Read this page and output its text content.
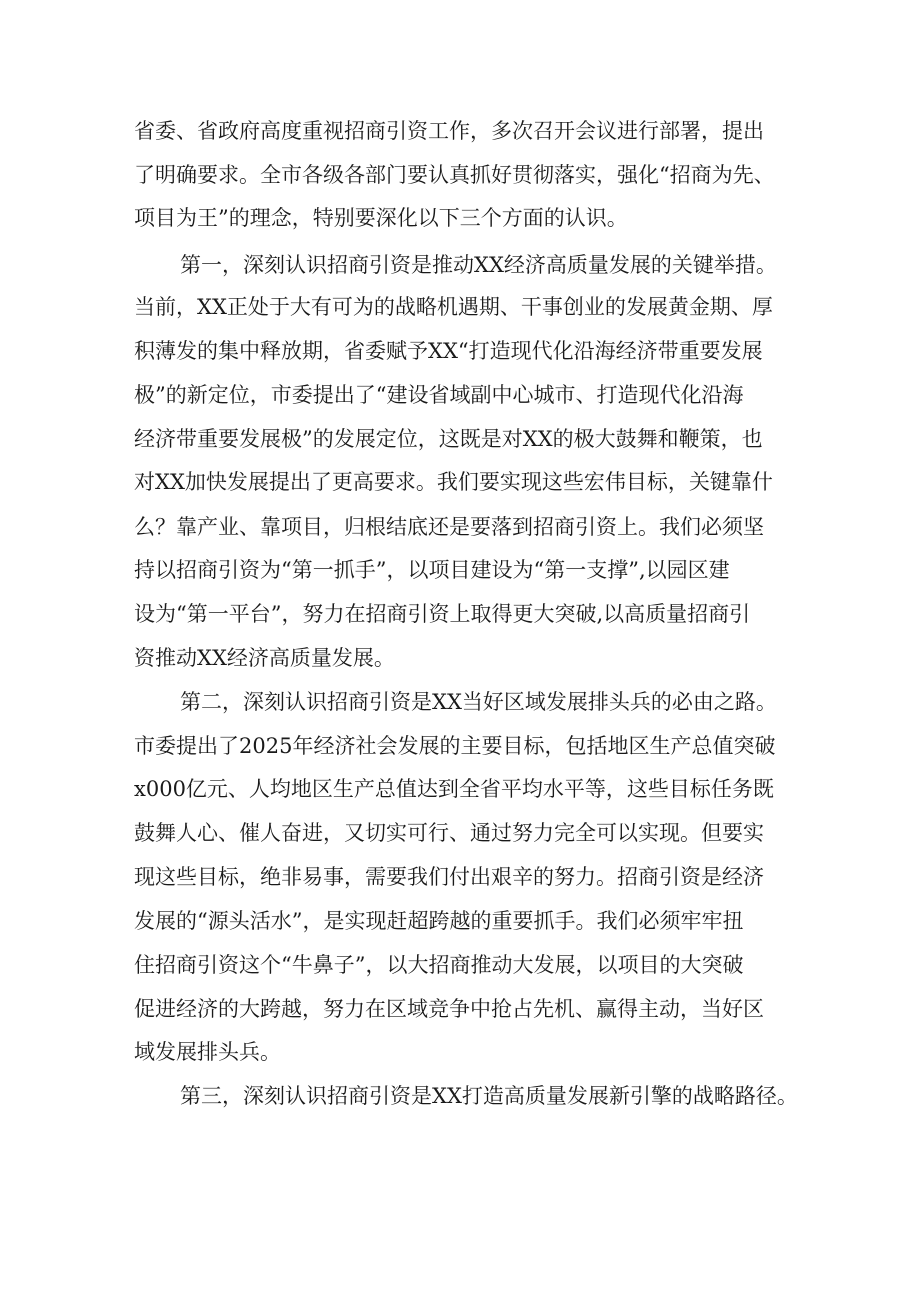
省委、省政府高度重视招商引资工作，多次召开会议进行部署，提出
了明确要求。全市各级各部门要认真抓好贯彻落实，强化“招商为先、
项目为王”的理念，特别要深化以下三个方面的认识。
第一，深刻认识招商引资是推动XX经济高质量发展的关键举措。
当前，XX正处于大有可为的战略机遇期、干事创业的发展黄金期、厚
积薄发的集中释放期，省委赋予XX“打造现代化沿海经济带重要发展
极”的新定位，市委提出了“建设省域副中心城市、打造现代化沿海
经济带重要发展极”的发展定位，这既是对XX的极大鼓舞和鞭策，也
对XX加快发展提出了更高要求。我们要实现这些宏伟目标，关键靠什
么？靠产业、靠项目，归根结底还是要落到招商引资上。我们必须坚
持以招商引资为“第一抓手”，以项目建设为“第一支撑”,以园区建
设为“第一平台”，努力在招商引资上取得更大突破,以高质量招商引
资推动XX经济高质量发展。
第二，深刻认识招商引资是XX当好区域发展排头兵的必由之路。
市委提出了2025年经济社会发展的主要目标，包括地区生产总值突破
x000亿元、人均地区生产总值达到全省平均水平等，这些目标任务既
鼓舞人心、催人奋进，又切实可行、通过努力完全可以实现。但要实
现这些目标，绝非易事，需要我们付出艰辛的努力。招商引资是经济
发展的“源头活水”，是实现赶超跨越的重要抓手。我们必须牢牢扭
住招商引资这个“牛鼻子”，以大招商推动大发展，以项目的大突破
促进经济的大跨越，努力在区域竞争中抢占先机、赢得主动，当好区
域发展排头兵。
第三，深刻认识招商引资是XX打造高质量发展新引擎的战略路径。
